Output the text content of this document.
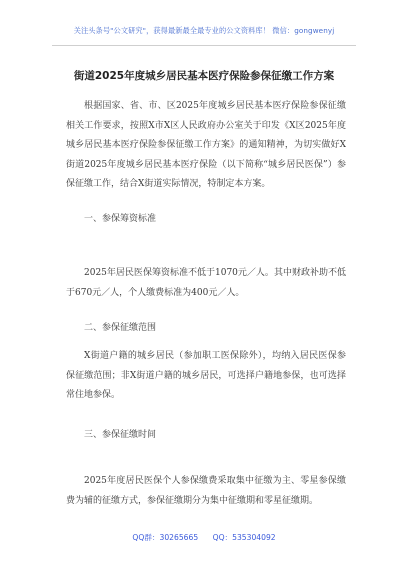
关注头条号"公文研究"，获得最新最全最专业的公文资料库！ 微信：gongwenyj
街道2025年度城乡居民基本医疗保险参保征缴工作方案

根据国家、省、市、区2025年度城乡居民基本医疗保险参保征缴相关工作要求，按照X市X区人民政府办公室关于印发《X区2025年度城乡居民基本医疗保险参保征缴工作方案》的通知精神，为切实做好X街道2025年度城乡居民基本医疗保险（以下简称“城乡居民医保”）参保征缴工作，结合X街道实际情况，特制定本方案。

一、参保筹资标准

2025年居民医保筹资标准不低于1070元／人。其中财政补助不低于670元／人，个人缴费标准为400元／人。

二、参保征缴范围

X街道户籍的城乡居民（参加职工医保除外），均纳入居民医保参保征缴范围；非X街道户籍的城乡居民，可选择户籍地参保，也可选择常住地参保。

三、参保征缴时间

2025年度居民医保个人参保缴费采取集中征缴为主、零星参保缴费为辅的征缴方式，参保征缴期分为集中征缴期和零星征缴期。

QQ群：30265665 QQ：535304092
